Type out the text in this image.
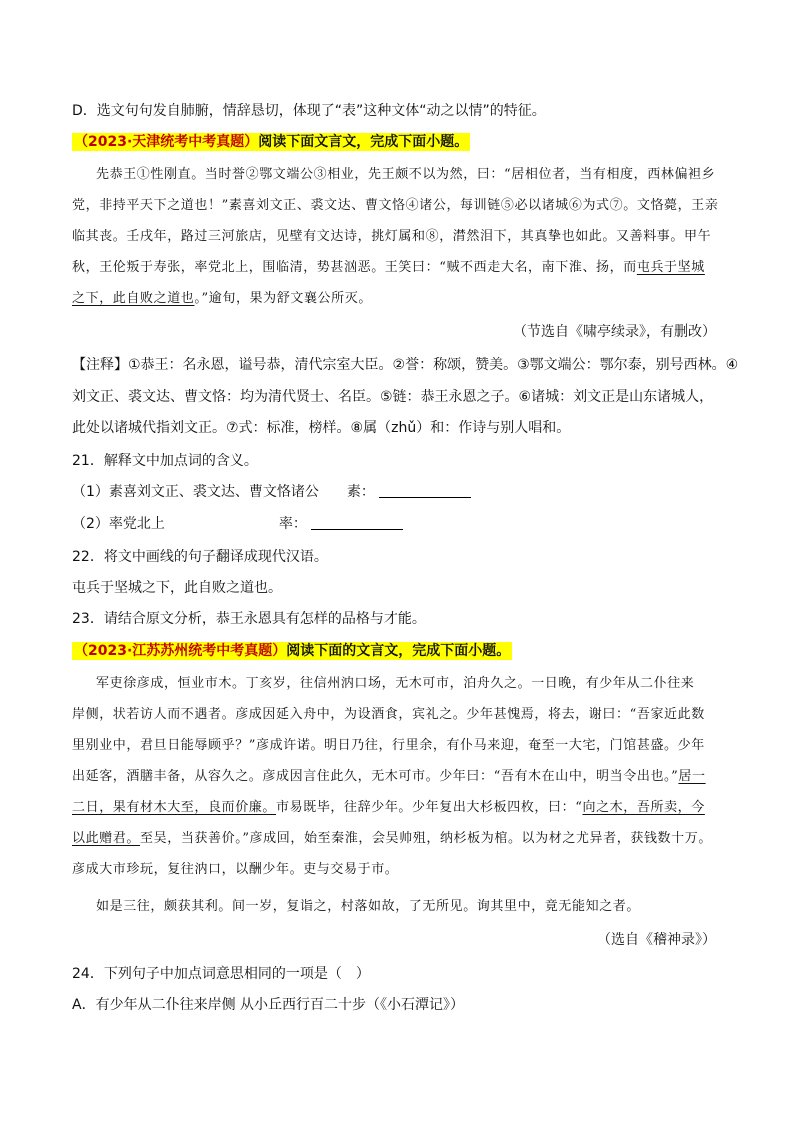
D．选文句句发自肺腑，情辞恳切，体现了“表”这种文体“动之以情”的特征。
（2023·天津统考中考真题）阅读下面文言文，完成下面小题。
先恭王①性刚直。当时誉②鄂文端公③相业，先王颇不以为然，曰：“居相位者，当有相度，西林偏袒乡
党，非持平天下之道也！”素喜刘文正、裘文达、曹文恪④诸公，每训链⑤必以诸城⑥为式⑦。文恪薨，王亲
临其丧。壬戌年，路过三河旅店，见壁有文达诗，挑灯属和⑧，潸然泪下，其真挚也如此。又善料事。甲午
秋，王伦叛于寿张，率党北上，围临清，势甚汹恶。王笑曰：“贼不西走大名，南下淮、扬，而屯兵于坚城
之下，此自败之道也。”逾旬，果为舒文襄公所灭。
（节选自《啸亭续录》，有删改）
【注释】①恭王：名永恩，谥号恭，清代宗室大臣。②誉：称颂，赞美。③鄂文端公：鄂尔泰，别号西林。④
刘文正、裘文达、曹文恪：均为清代贤士、名臣。⑤链：恭王永恩之子。⑥诸城：刘文正是山东诸城人，
此处以诸城代指刘文正。⑦式：标准，榜样。⑧属（zhǔ）和：作诗与别人唱和。
21．解释文中加点词的含义。
（1）素喜刘文正、裘文达、曹文恪诸公 素：
（2）率党北上	率：
22．将文中画线的句子翻译成现代汉语。
屯兵于坚城之下，此自败之道也。
23．请结合原文分析，恭王永恩具有怎样的品格与才能。
（2023·江苏苏州统考中考真题）阅读下面的文言文，完成下面小题。
军吏徐彦成，恒业市木。丁亥岁，往信州汭口场，无木可市，泊舟久之。一日晚，有少年从二仆往来
岸侧，状若访人而不遇者。彦成因延入舟中，为设酒食，宾礼之。少年甚愧焉，将去，谢曰：“吾家近此数
里别业中，君旦日能辱顾乎？”彦成许诺。明日乃往，行里余，有仆马来迎，奄至一大宅，门馆甚盛。少年
出延客，酒膳丰备，从容久之。彦成因言住此久，无木可市。少年曰：“吾有木在山中，明当令出也。”居一
二日，果有材木大至，良而价廉。市易既毕，往辞少年。少年复出大杉板四枚，曰：“向之木，吾所卖，今
以此赠君。至吴，当获善价。”彦成回，始至秦淮，会吴帅殂，纳杉板为棺。以为材之尤异者，获钱数十万。
彦成大市珍玩，复往汭口，以酬少年。吏与交易于市。
如是三往，颇获其利。间一岁，复诣之，村落如故，了无所见。询其里中，竟无能知之者。
（选自《稽神录》）
24．下列句子中加点词意思相同的一项是（　）
A．有少年从二仆往来岸侧 从小丘西行百二十步（《小石潭记》）
